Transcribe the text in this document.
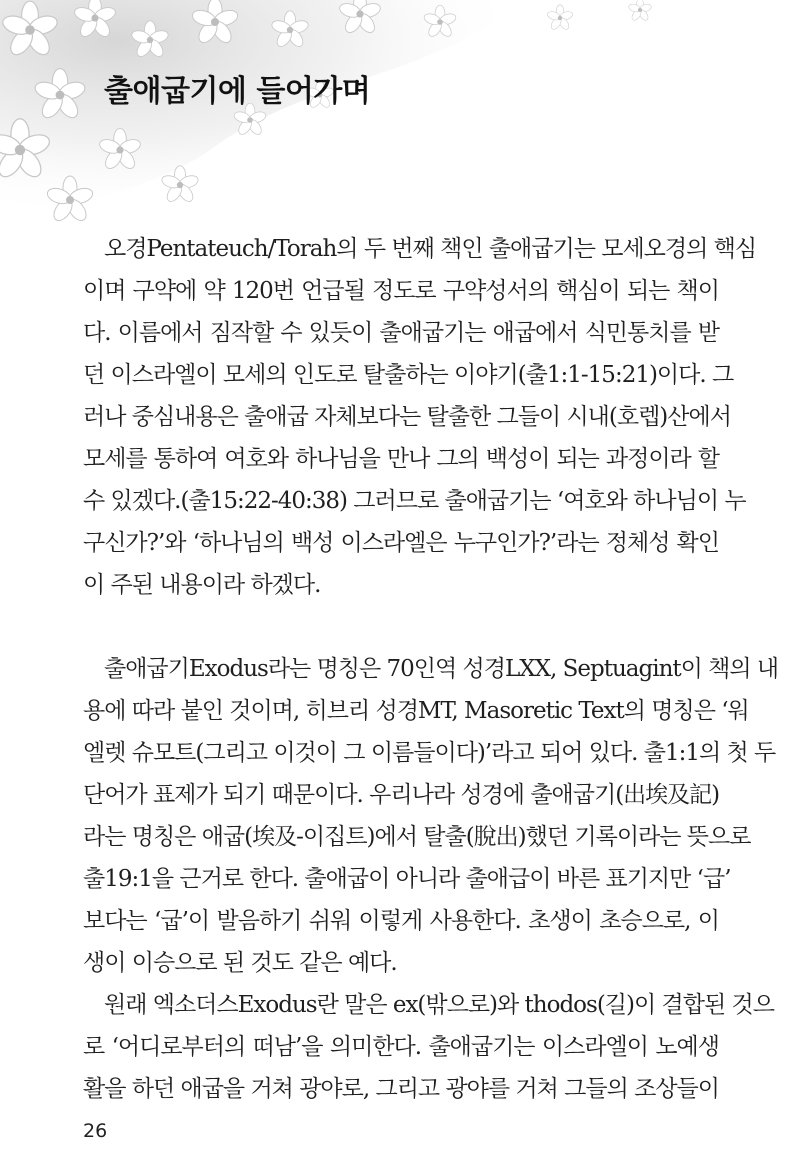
출애굽기에 들어가며

오경Pentateuch/Torah의 두 번째 책인 출애굽기는 모세오경의 핵심

이며 구약에 약 120번 언급될 정도로 구약성서의 핵심이 되는 책이

다. 이름에서 짐작할 수 있듯이 출애굽기는 애굽에서 식민통치를 받

던 이스라엘이 모세의 인도로 탈출하는 이야기(출1:1-15:21)이다. 그

러나 중심내용은 출애굽 자체보다는 탈출한 그들이 시내(호렙)산에서

모세를 통하여 여호와 하나님을 만나 그의 백성이 되는 과정이라 할

수 있겠다.(출15:22-40:38) 그러므로 출애굽기는 ‘여호와 하나님이 누

구신가?’와 ‘하나님의 백성 이스라엘은 누구인가?’라는 정체성 확인

이 주된 내용이라 하겠다.

출애굽기Exodus라는 명칭은 70인역 성경LXX, Septuagint이 책의 내

용에 따라 붙인 것이며, 히브리 성경MT, Masoretic Text의 명칭은 ‘워

엘렛 슈모트(그리고 이것이 그 이름들이다)’라고 되어 있다. 출1:1의 첫 두

단어가 표제가 되기 때문이다. 우리나라 성경에 출애굽기(出埃及記)

라는 명칭은 애굽(埃及-이집트)에서 탈출(脫出)했던 기록이라는 뜻으로

출19:1을 근거로 한다. 출애굽이 아니라 출애급이 바른 표기지만 ‘급’

보다는 ‘굽’이 발음하기 쉬워 이렇게 사용한다. 초생이 초승으로, 이

생이 이승으로 된 것도 같은 예다.

원래 엑소더스Exodus란 말은 ex(밖으로)와 thodos(길)이 결합된 것으

로 ‘어디로부터의 떠남’을 의미한다. 출애굽기는 이스라엘이 노예생

활을 하던 애굽을 거쳐 광야로, 그리고 광야를 거쳐 그들의 조상들이

26
